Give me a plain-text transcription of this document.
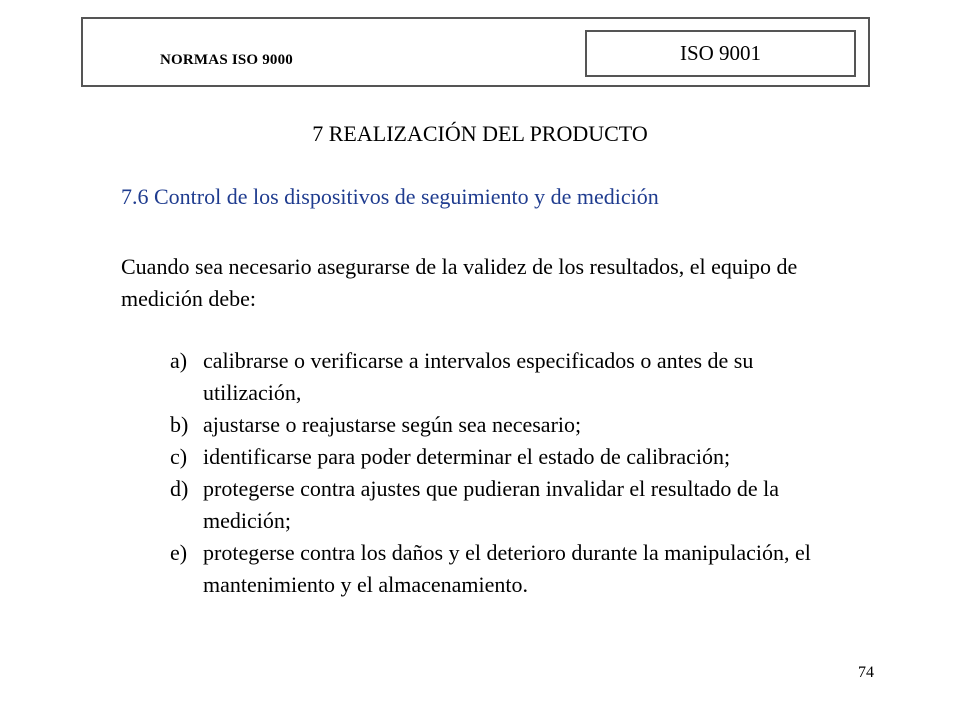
NORMAS ISO 9000	ISO 9001
7 REALIZACIÓN DEL PRODUCTO
7.6 Control de los dispositivos de seguimiento y de medición
Cuando sea necesario asegurarse de la validez de los resultados, el equipo de medición debe:
a) calibrarse o verificarse a intervalos especificados o antes de su utilización,
b) ajustarse o reajustarse según sea necesario;
c) identificarse para poder determinar el estado de calibración;
d) protegerse contra ajustes que pudieran invalidar el resultado de la medición;
e) protegerse contra los daños y el deterioro durante la manipulación, el mantenimiento y el almacenamiento.
74
